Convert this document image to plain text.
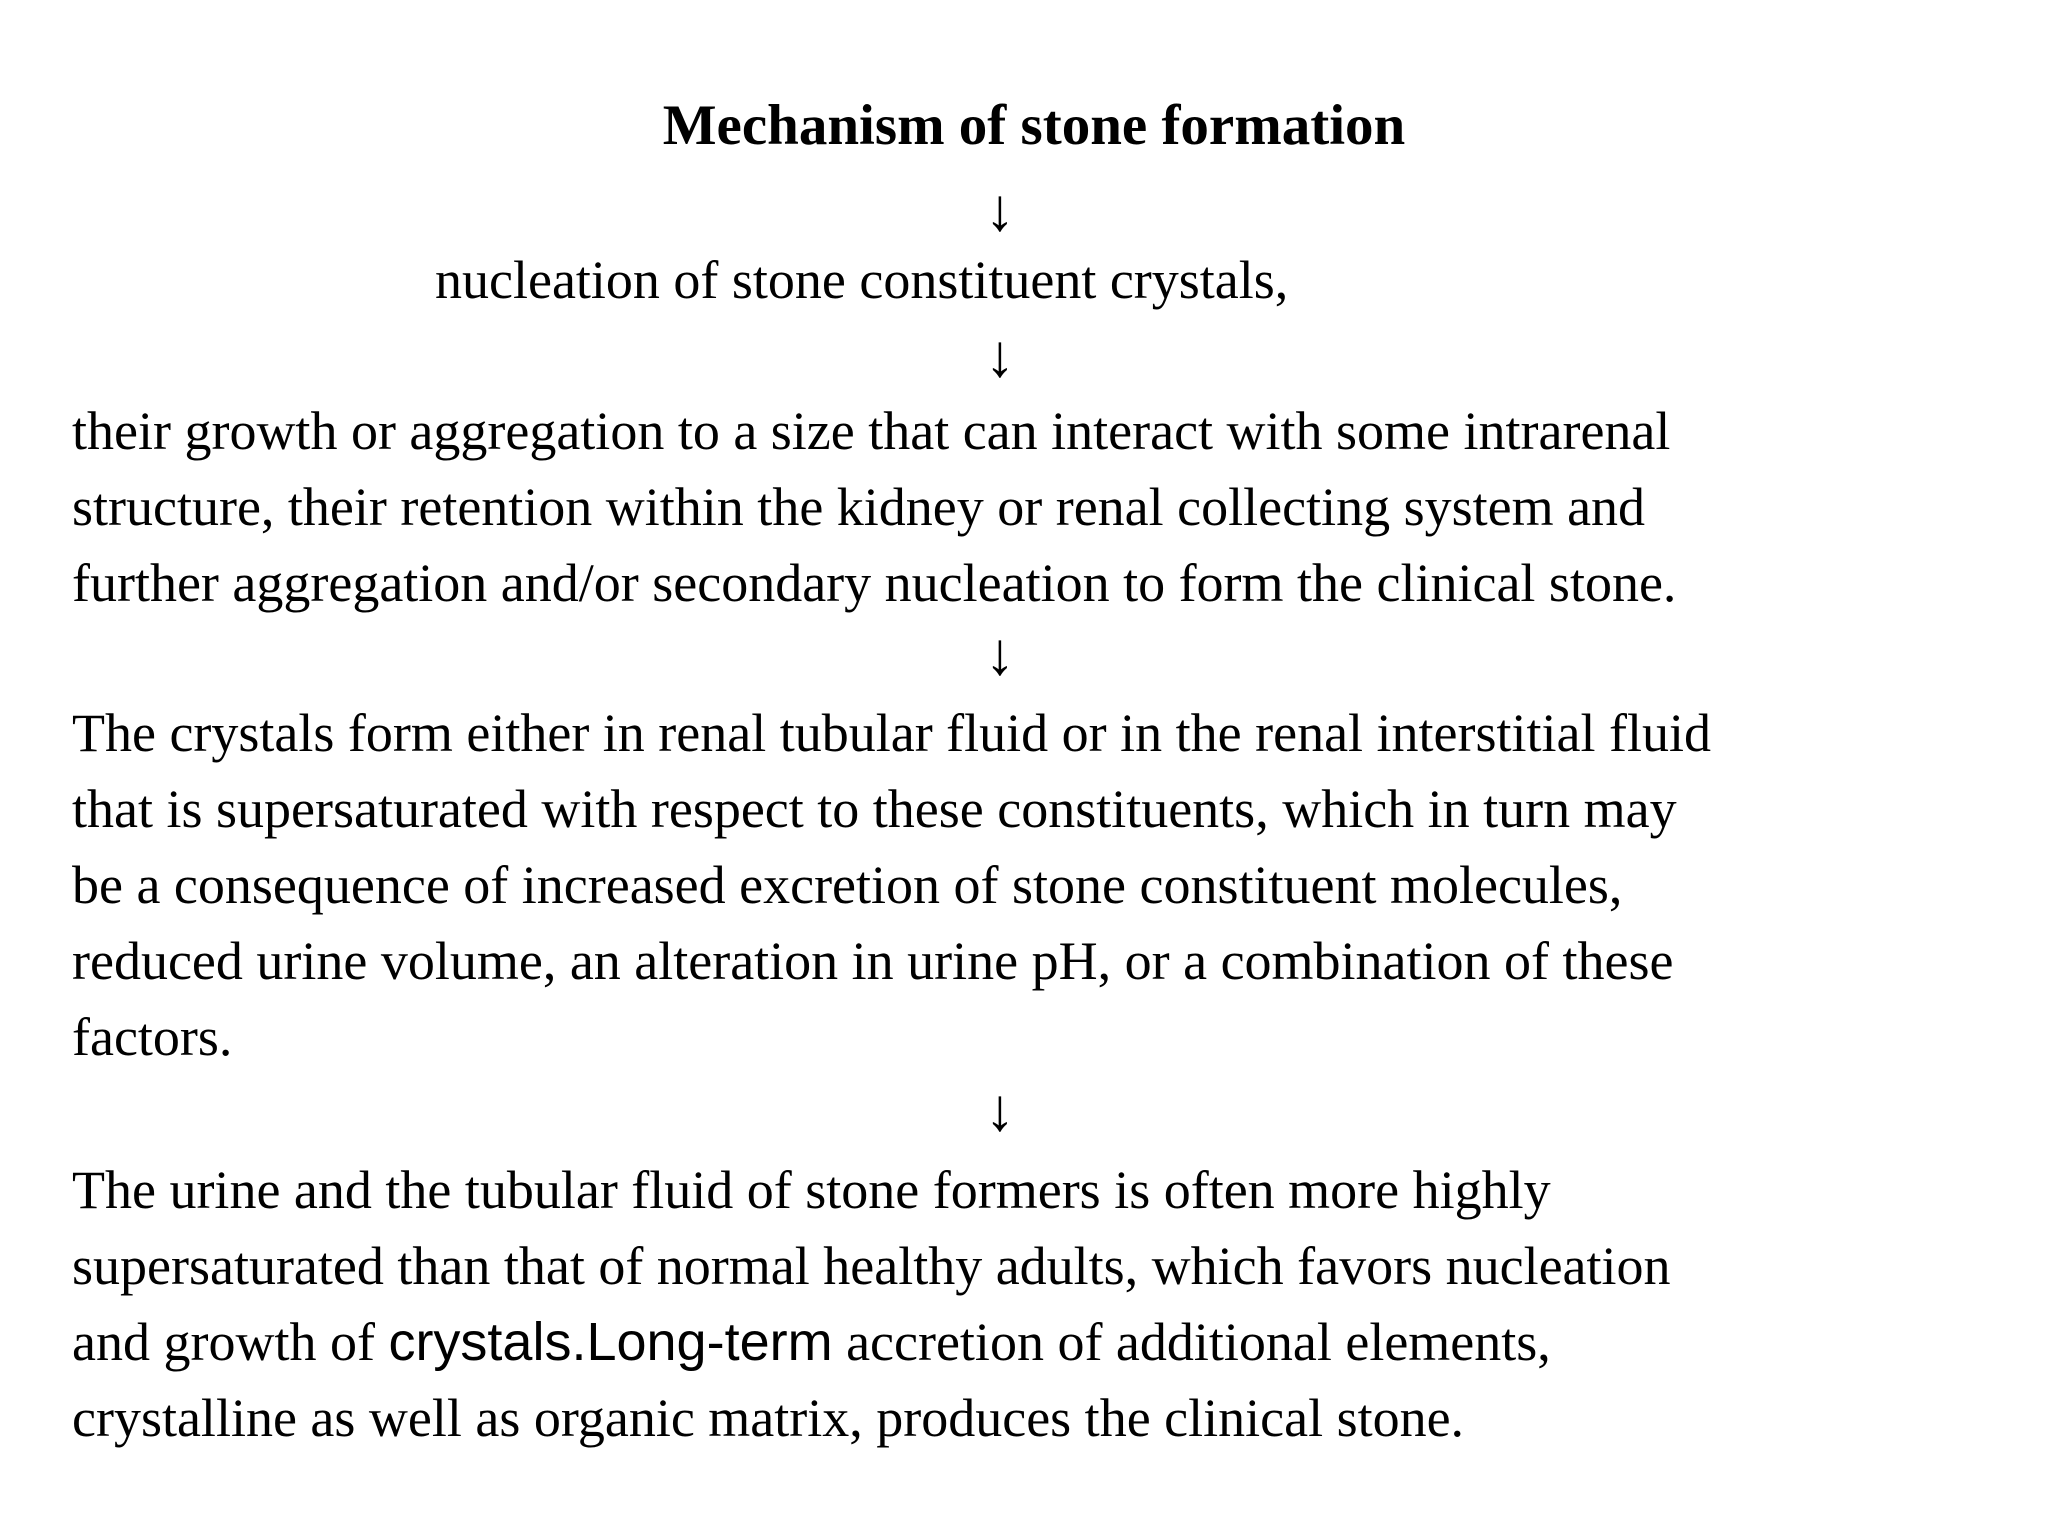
Mechanism of stone formation
↓
nucleation of stone constituent crystals,
↓
their growth or aggregation to a size that can interact with some intrarenal
structure, their retention within the kidney or renal collecting system and
further aggregation and/or secondary nucleation to form the clinical stone.
↓
The crystals form either in renal tubular fluid or in the renal interstitial fluid
that is supersaturated with respect to these constituents, which in turn may
be a consequence of increased excretion of stone constituent molecules,
reduced urine volume, an alteration in urine pH, or a combination of these
factors.
↓
The urine and the tubular fluid of stone formers is often more highly
supersaturated than that of normal healthy adults, which favors nucleation
and growth of crystals.Long-term accretion of additional elements,
crystalline as well as organic matrix, produces the clinical stone.
